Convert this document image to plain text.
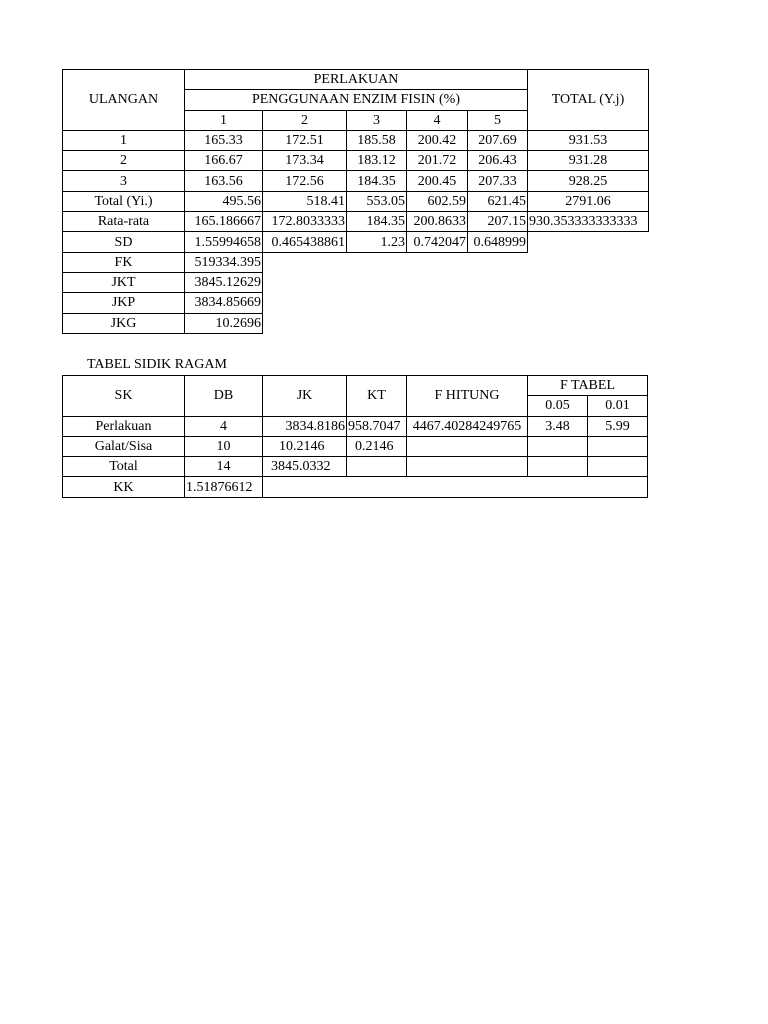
ULANGAN	PERLAKUAN					TOTAL (Y.j)
	PENGGUNAAN ENZIM FISIN (%)					
	1	2	3	4	5	
1	165.33	172.51	185.58	200.42	207.69	931.53
2	166.67	173.34	183.12	201.72	206.43	931.28
3	163.56	172.56	184.35	200.45	207.33	928.25
Total (Yi.)	495.56	518.41	553.05	602.59	621.45	2791.06
Rata-rata	165.186667	172.8033333	184.35	200.8633	207.15	930.353333333333
SD	1.55994658	0.465438861	1.23	0.742047	0.648999	
FK	519334.395					
JKT	3845.12629					
JKP	3834.85669					
JKG	10.2696					
TABEL SIDIK RAGAM
SK	DB	JK	KT	F HITUNG	F TABEL	
					0.05	0.01
Perlakuan	4	3834.8186	958.7047	4467.40284249765	3.48	5.99
Galat/Sisa	10	10.2146	0.2146			
Total	14	3845.0332				
KK	1.51876612					
